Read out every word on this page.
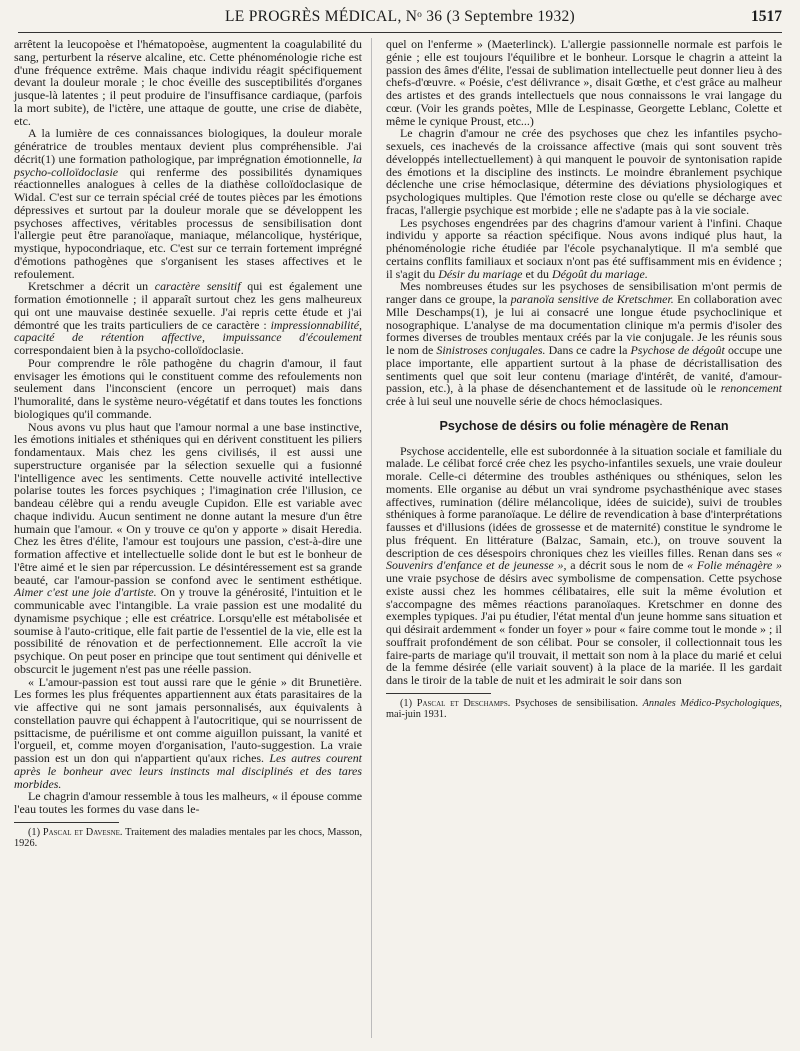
LE PROGRÈS MÉDICAL, Nᵒ 36 (3 Septembre 1932)	1517

arrêtent la leucopoèse et l'hématopoèse, augmentent la coagulabilité du sang, perturbent la réserve alcaline, etc. Cette phénoménologie riche est d'une fréquence extrême. Mais chaque individu réagit spécifiquement devant la douleur morale ; le choc éveille des susceptibilités d'organes jusque-là latentes ; il peut produire de l'insuffisance cardiaque, (parfois la mort subite), de l'ictère, une attaque de goutte, une crise de diabète, etc.

A la lumière de ces connaissances biologiques, la douleur morale génératrice de troubles mentaux devient plus compréhensible. J'ai décrit(1) une formation pathologique, par imprégnation émotionnelle, la psycho-colloïdoclasie qui renferme des possibilités dynamiques réactionnelles analogues à celles de la diathèse colloïdoclasique de Widal. C'est sur ce terrain spécial créé de toutes pièces par les émotions dépressives et surtout par la douleur morale que se développent les psychoses affectives, véritables processus de sensibilisation dont l'allergie peut être paranoïaque, maniaque, mélancolique, hystérique, mystique, hypocondriaque, etc. C'est sur ce terrain fortement imprégné d'émotions pathogènes que s'organisent les stases affectives et le refoulement.

Kretschmer a décrit un caractère sensitif qui est également une formation émotionnelle ; il apparaît surtout chez les gens malheureux qui ont une mauvaise destinée sexuelle. J'ai repris cette étude et j'ai démontré que les traits particuliers de ce caractère : impressionnabilité, capacité de rétention affective, impuissance d'écoulement correspondaient bien à la psycho-colloïdoclasie.

Pour comprendre le rôle pathogène du chagrin d'amour, il faut envisager les émotions qui le constituent comme des refoulements non seulement dans l'inconscient (encore un perroquet) mais dans l'humoralité, dans le système neuro-végétatif et dans toutes les fonctions biologiques qu'il commande.

Nous avons vu plus haut que l'amour normal a une base instinctive, les émotions initiales et sthéniques qui en dérivent constituent les piliers fondamentaux. Mais chez les gens civilisés, il est aussi une superstructure organisée par la sélection sexuelle qui a fusionné l'intelligence avec les sentiments. Cette nouvelle activité intellective polarise toutes les forces psychiques ; l'imagination crée l'illusion, ce bandeau célèbre qui a rendu aveugle Cupidon. Elle est variable avec chaque individu. Aucun sentiment ne donne autant la mesure d'un être humain que l'amour. « On y trouve ce qu'on y apporte » disait Heredia. Chez les êtres d'élite, l'amour est toujours une passion, c'est-à-dire une formation affective et intellectuelle solide dont le but est le bonheur de l'être aimé et le sien par répercussion. Le désintéressement est sa grande beauté, car l'amour-passion se confond avec le sentiment esthétique. Aimer c'est une joie d'artiste. On y trouve la générosité, l'intuition et le communicable avec l'intangible. La vraie passion est une modalité du dynamisme psychique ; elle est créatrice. Lorsqu'elle est métabolisée et soumise à l'auto-critique, elle fait partie de l'essentiel de la vie, elle est la possibilité de rénovation et de perfectionnement. Elle accroît la vie psychique. On peut poser en principe que tout sentiment qui dénivelle et obscurcit le jugement n'est pas une réelle passion.

« L'amour-passion est tout aussi rare que le génie » dit Brunetière. Les formes les plus fréquentes appartiennent aux états parasitaires de la vie affective qui ne sont jamais personnalisés, aux équivalents à constellation pauvre qui échappent à l'autocritique, qui se nourrissent de psittacisme, de puérilisme et ont comme aiguillon puissant, la vanité et l'orgueil, et, comme moyen d'organisation, l'auto-suggestion. La vraie passion est un don qui n'appartient qu'aux riches. Les autres courent après le bonheur avec leurs instincts mal disciplinés et des tares morbides.

Le chagrin d'amour ressemble à tous les malheurs, « il épouse comme l'eau toutes les formes du vase dans le-

(1) Pascal et Davesne. Traitement des maladies mentales par les chocs, Masson, 1926.

quel on l'enferme » (Maeterlinck). L'allergie passionnelle normale est parfois le génie ; elle est toujours l'équilibre et le bonheur. Lorsque le chagrin a atteint la passion des âmes d'élite, l'essai de sublimation intellectuelle peut donner lieu à des chefs-d'œuvre. « Poésie, c'est délivrance », disait Gœthe, et c'est grâce au malheur des artistes et des grands intellectuels que nous connaissons le vrai langage du cœur. (Voir les grands poètes, Mlle de Lespinasse, Georgette Leblanc, Colette et même le cynique Proust, etc...)

Le chagrin d'amour ne crée des psychoses que chez les infantiles psycho-sexuels, ces inachevés de la croissance affective (mais qui sont souvent très développés intellectuellement) à qui manquent le pouvoir de syntonisation rapide des émotions et la discipline des instincts. Le moindre ébranlement psychique déclenche une crise hémoclasique, détermine des déviations physiologiques et psychologiques multiples. Que l'émotion reste close ou qu'elle se décharge avec fracas, l'allergie psychique est morbide ; elle ne s'adapte pas à la vie sociale.

Les psychoses engendrées par des chagrins d'amour varient à l'infini. Chaque individu y apporte sa réaction spécifique. Nous avons indiqué plus haut, la phénoménologie riche étudiée par l'école psychanalytique. Il m'a semblé que certains conflits familiaux et sociaux n'ont pas été suffisamment mis en évidence ; il s'agit du Désir du mariage et du Dégoût du mariage.

Mes nombreuses études sur les psychoses de sensibilisation m'ont permis de ranger dans ce groupe, la paranoïa sensitive de Kretschmer. En collaboration avec Mlle Deschamps(1), je lui ai consacré une longue étude psychoclinique et nosographique. L'analyse de ma documentation clinique m'a permis d'isoler des formes diverses de troubles mentaux créés par la vie conjugale. Je les réunis sous le nom de Sinistroses conjugales. Dans ce cadre la Psychose de dégoût occupe une place importante, elle appartient surtout à la phase de décristallisation des sentiments quel que soit leur contenu (mariage d'intérêt, de vanité, d'amour-passion, etc.), à la phase de désenchantement et de lassitude où le renoncement crée à lui seul une nouvelle série de chocs hémoclasiques.

Psychose de désirs ou folie ménagère de Renan

Psychose accidentelle, elle est subordonnée à la situation sociale et familiale du malade. Le célibat forcé crée chez les psycho-infantiles sexuels, une vraie douleur morale. Celle-ci détermine des troubles asthéniques ou sthéniques, selon les moments. Elle organise au début un vrai syndrome psychasthénique avec stases affectives, rumination (délire mélancolique, idées de suicide), suivi de troubles sthéniques à forme paranoïaque. Le délire de revendication à base d'interprétations fausses et d'illusions (idées de grossesse et de maternité) constitue le syndrome le plus fréquent. En littérature (Balzac, Samain, etc.), on trouve souvent la description de ces désespoirs chroniques chez les vieilles filles. Renan dans ses « Souvenirs d'enfance et de jeunesse », a décrit sous le nom de « Folie ménagère » une vraie psychose de désirs avec symbolisme de compensation. Cette psychose existe aussi chez les hommes célibataires, elle suit la même évolution et s'accompagne des mêmes réactions paranoïaques. Kretschmer en donne des exemples typiques. J'ai pu étudier, l'état mental d'un jeune homme sans situation et qui désirait ardemment « fonder un foyer » pour « faire comme tout le monde » ; il souffrait profondément de son célibat. Pour se consoler, il collectionnait tous les faire-parts de mariage qu'il trouvait, il mettait son nom à la place du marié et celui de la femme désirée (elle variait souvent) à la place de la mariée. Il les gardait dans le tiroir de la table de nuit et les admirait le soir dans son

(1) Pascal et Deschamps. Psychoses de sensibilisation. Annales Médico-Psychologiques, mai-juin 1931.
